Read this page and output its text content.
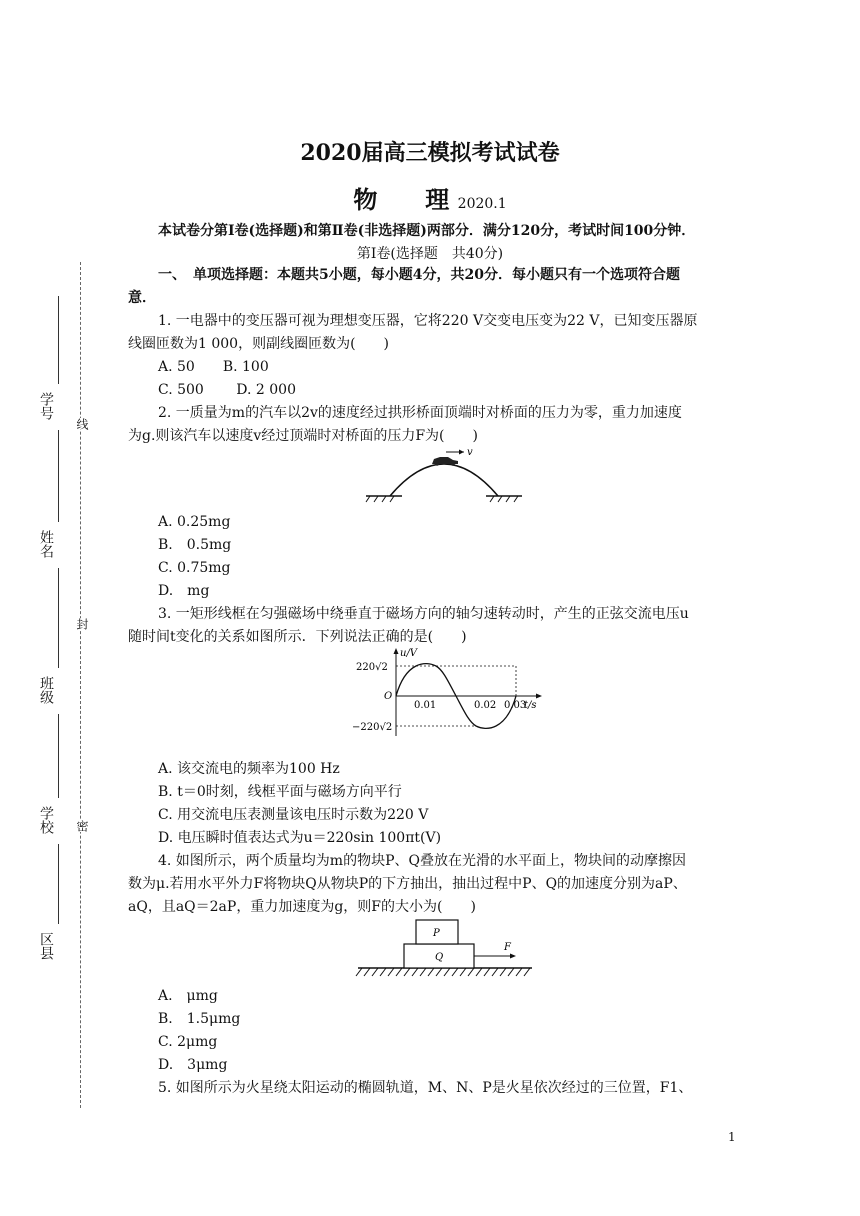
学号
姓名
班级
学校
区县
线
封
密
2020届高三模拟考试试卷
物　　理 2020.1
本试卷分第Ⅰ卷(选择题)和第Ⅱ卷(非选择题)两部分．满分120分，考试时间100分钟．
第Ⅰ卷(选择题　共40分)
一、　单项选择题：本题共5小题，每小题4分，共20分．每小题只有一个选项符合题
意．
1. 一电器中的变压器可视为理想变压器，它将220 V交变电压变为22 V，已知变压器原
线圈匝数为1 000，则副线圈匝数为(　　)
A. 50　　B. 100
C. 500　　 D. 2 000
2. 一质量为m的汽车以2v的速度经过拱形桥面顶端时对桥面的压力为零，重力加速度
为g.则该汽车以速度v经过顶端时对桥面的压力F为(　　)
v
A. 0.25mg
B.　0.5mg
C. 0.75mg
D.　mg
3. 一矩形线框在匀强磁场中绕垂直于磁场方向的轴匀速转动时，产生的正弦交流电压u
随时间t变化的关系如图所示．下列说法正确的是(　　)
u/V
220√2
−220√2
O
0.01	0.02 0.03
t/s
A. 该交流电的频率为100 Hz
B. t＝0时刻，线框平面与磁场方向平行
C. 用交流电压表测量该电压时示数为220 V
D. 电压瞬时值表达式为u＝220sin 100πt(V)
4. 如图所示，两个质量均为m的物块P、Q叠放在光滑的水平面上，物块间的动摩擦因
数为μ.若用水平外力F将物块Q从物块P的下方抽出，抽出过程中P、Q的加速度分别为aP、
aQ，且aQ＝2aP，重力加速度为g，则F的大小为(　　)
P
Q
F
A.　μmg
B.　1.5μmg
C. 2μmg
D.　3μmg
5. 如图所示为火星绕太阳运动的椭圆轨道，M、N、P是火星依次经过的三位置，F1、
1
